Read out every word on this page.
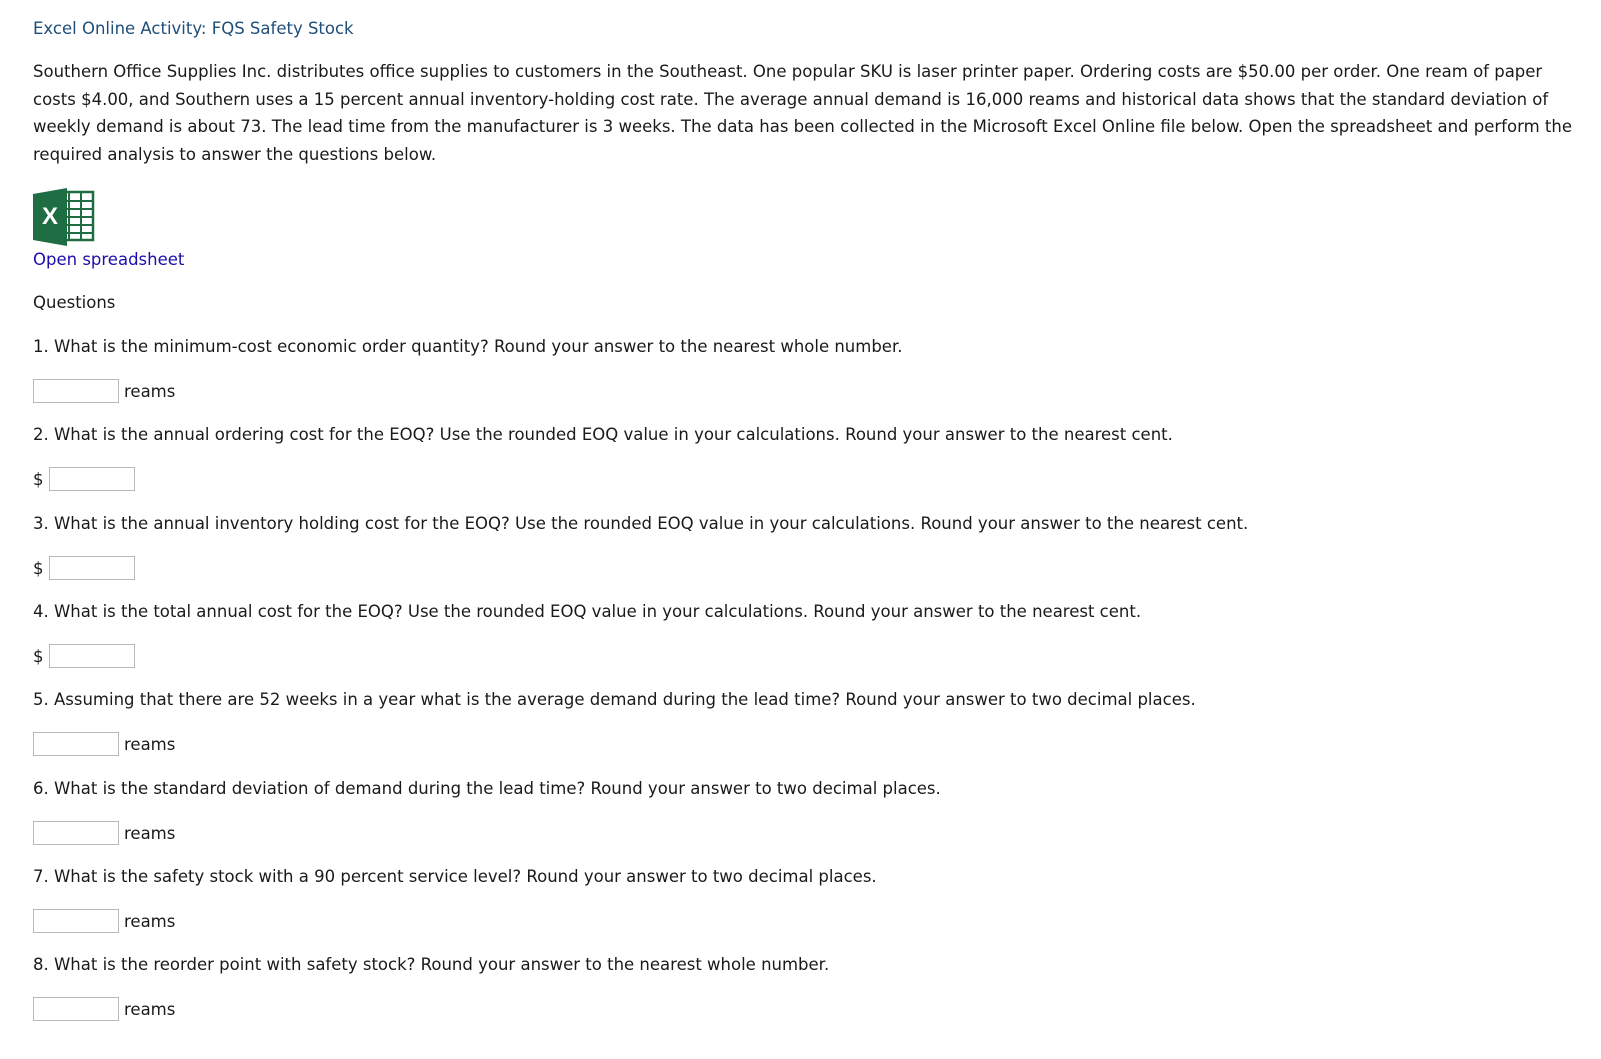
Excel Online Activity: FQS Safety Stock
Southern Office Supplies Inc. distributes office supplies to customers in the Southeast. One popular SKU is laser printer paper. Ordering costs are $50.00 per order. One ream of paper costs $4.00, and Southern uses a 15 percent annual inventory-holding cost rate. The average annual demand is 16,000 reams and historical data shows that the standard deviation of weekly demand is about 73. The lead time from the manufacturer is 3 weeks. The data has been collected in the Microsoft Excel Online file below. Open the spreadsheet and perform the required analysis to answer the questions below.
X
Open spreadsheet
Questions
1. What is the minimum-cost economic order quantity? Round your answer to the nearest whole number.
reams
2. What is the annual ordering cost for the EOQ? Use the rounded EOQ value in your calculations. Round your answer to the nearest cent.
$
3. What is the annual inventory holding cost for the EOQ? Use the rounded EOQ value in your calculations. Round your answer to the nearest cent.
$
4. What is the total annual cost for the EOQ? Use the rounded EOQ value in your calculations. Round your answer to the nearest cent.
$
5. Assuming that there are 52 weeks in a year what is the average demand during the lead time? Round your answer to two decimal places.
reams
6. What is the standard deviation of demand during the lead time? Round your answer to two decimal places.
reams
7. What is the safety stock with a 90 percent service level? Round your answer to two decimal places.
reams
8. What is the reorder point with safety stock? Round your answer to the nearest whole number.
reams
